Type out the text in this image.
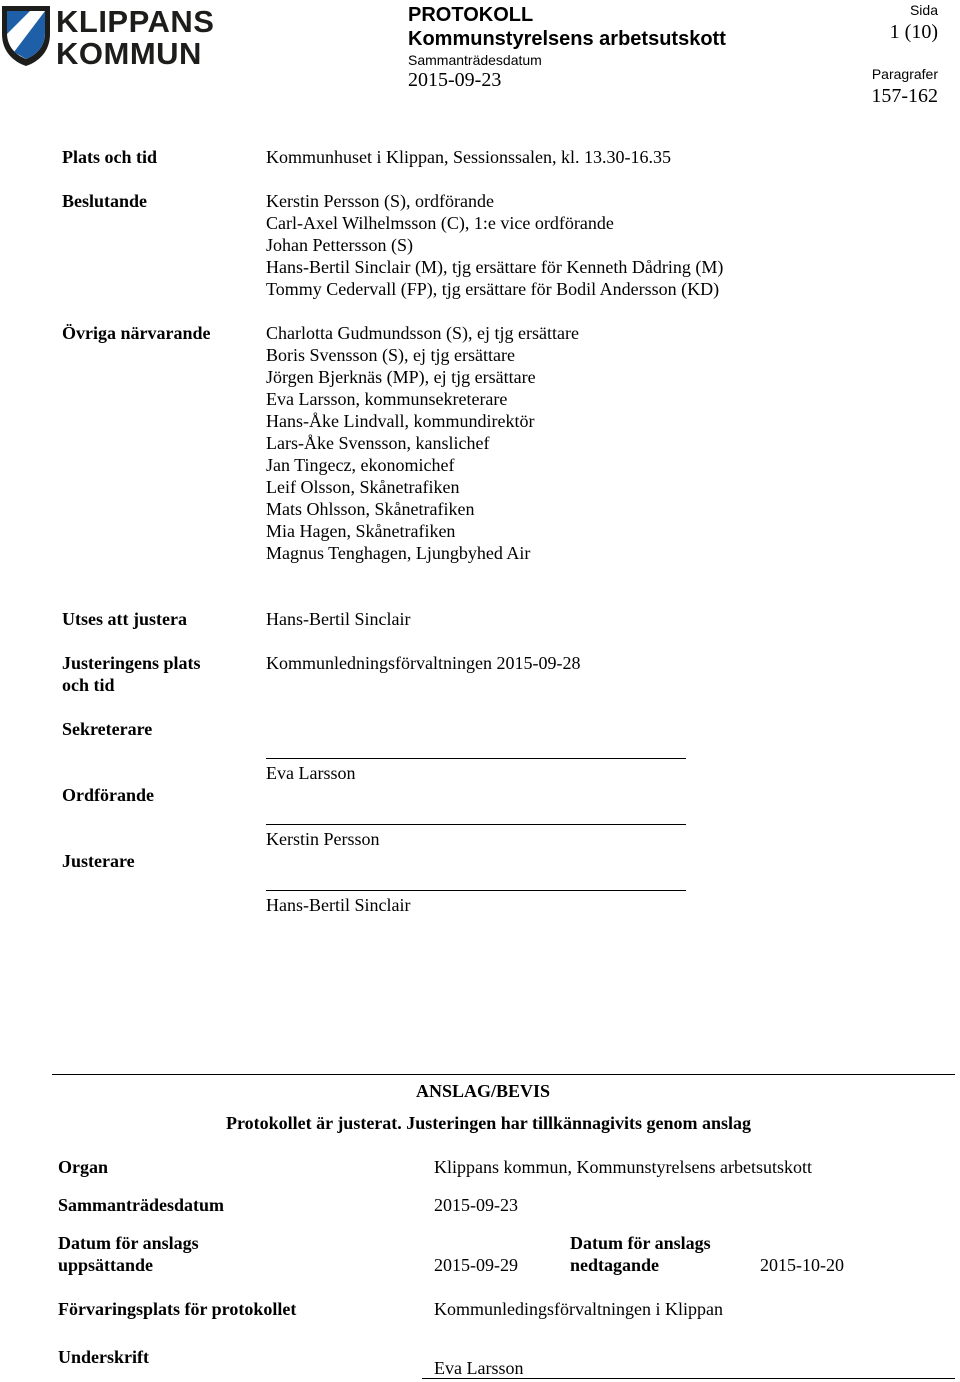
KLIPPANS
KOMMUN
PROTOKOLL
Kommunstyrelsens arbetsutskott
Sammanträdesdatum
2015-09-23
Sida
1 (10)
Paragrafer
157-162
Plats och tid	Kommunhuset i Klippan, Sessionssalen, kl. 13.30-16.35
Beslutande	Kerstin Persson (S), ordförande
Carl-Axel Wilhelmsson (C), 1:e vice ordförande
Johan Pettersson (S)
Hans-Bertil Sinclair (M), tjg ersättare för Kenneth Dådring (M)
Tommy Cedervall (FP), tjg ersättare för Bodil Andersson (KD)
Övriga närvarande	Charlotta Gudmundsson (S), ej tjg ersättare
Boris Svensson (S), ej tjg ersättare
Jörgen Bjerknäs (MP), ej tjg ersättare
Eva Larsson, kommunsekreterare
Hans-Åke Lindvall, kommundirektör
Lars-Åke Svensson, kanslichef
Jan Tingecz, ekonomichef
Leif Olsson, Skånetrafiken
Mats Ohlsson, Skånetrafiken
Mia Hagen, Skånetrafiken
Magnus Tenghagen, Ljungbyhed Air
Utses att justera	Hans-Bertil Sinclair
Justeringens plats
och tid
Kommunledningsförvaltningen 2015-09-28
Sekreterare
Eva Larsson
Ordförande
Kerstin Persson
Justerare
Hans-Bertil Sinclair
ANSLAG/BEVIS
Protokollet är justerat. Justeringen har tillkännagivits genom anslag
Organ	Klippans kommun, Kommunstyrelsens arbetsutskott
Sammanträdesdatum	2015-09-23
Datum för anslags
uppsättande	2015-09-29
Datum för anslags
nedtagande	2015-10-20
Förvaringsplats för protokollet	Kommunledingsförvaltningen i Klippan
Underskrift
Eva Larsson
